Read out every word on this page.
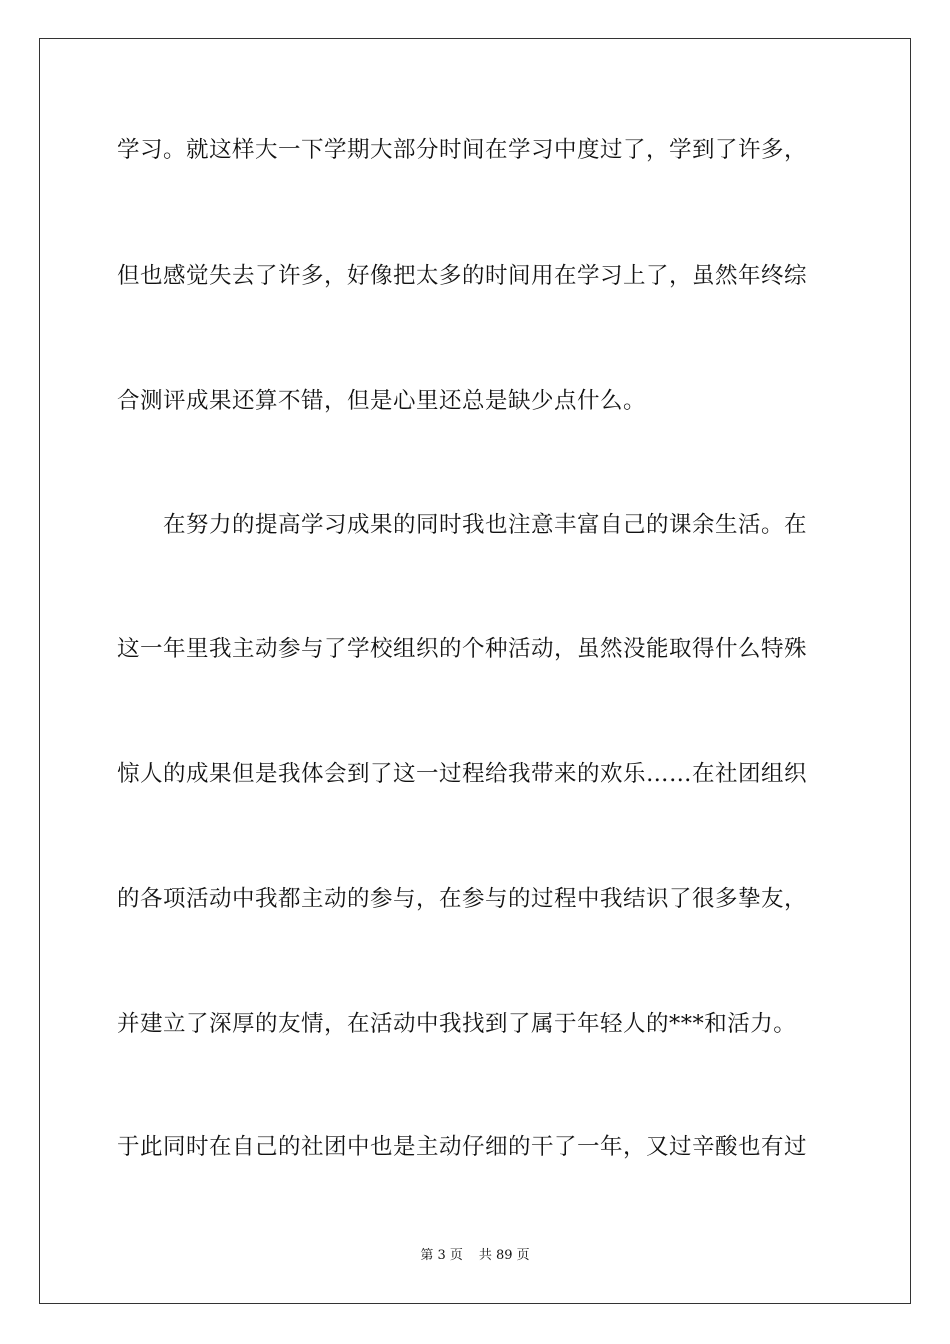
学习。就这样大一下学期大部分时间在学习中度过了，学到了许多，
但也感觉失去了许多，好像把太多的时间用在学习上了，虽然年终综
合测评成果还算不错，但是心里还总是缺少点什么。
在努力的提高学习成果的同时我也注意丰富自己的课余生活。在
这一年里我主动参与了学校组织的个种活动，虽然没能取得什么特殊
惊人的成果但是我体会到了这一过程给我带来的欢乐……在社团组织
的各项活动中我都主动的参与，在参与的过程中我结识了很多挚友，
并建立了深厚的友情，在活动中我找到了属于年轻人的***和活力。
于此同时在自己的社团中也是主动仔细的干了一年，又过辛酸也有过
第 3 页 共 89 页
